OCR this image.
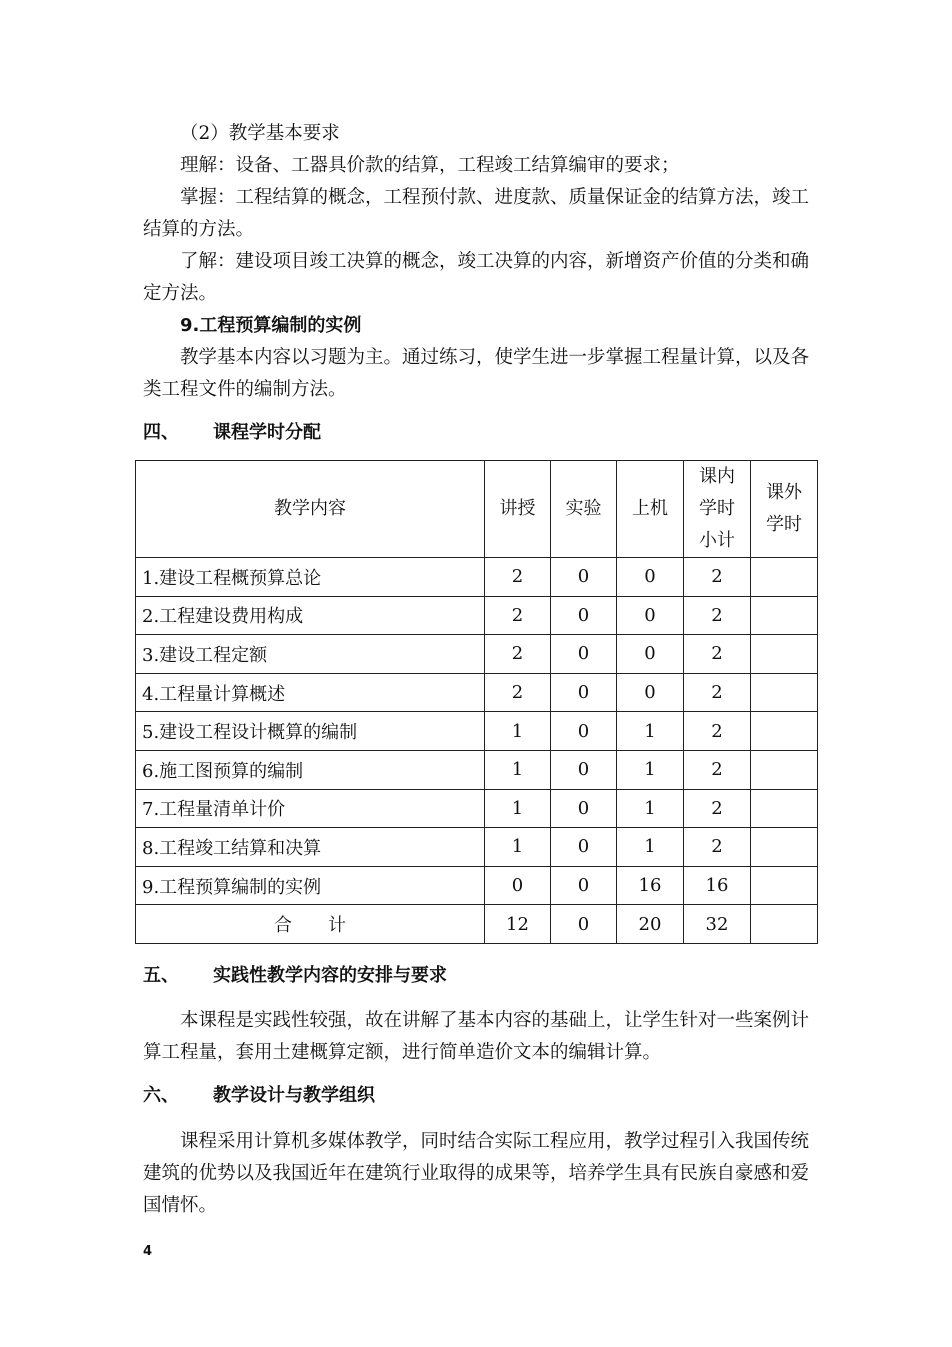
（2）教学基本要求
理解：设备、工器具价款的结算，工程竣工结算编审的要求；

掌握：工程结算的概念，工程预付款、进度款、质量保证金的结算方法，竣工结算的方法。

了解：建设项目竣工决算的概念，竣工决算的内容，新增资产价值的分类和确定方法。

9.工程预算编制的实例

教学基本内容以习题为主。通过练习，使学生进一步掌握工程量计算，以及各类工程文件的编制方法。

四、 课程学时分配
教学内容	讲授	实验	上机	课内学时小计	课外学时

1.建设工程概预算总论	2	0	0	2	
2.工程建设费用构成	2	0	0	2	
3.建设工程定额	2	0	0	2	
4.工程量计算概述	2	0	0	2	
5.建设工程设计概算的编制	1	0	1	2	
6.施工图预算的编制	1	0	1	2	
7.工程量清单计价	1	0	1	2	
8.工程竣工结算和决算	1	0	1	2	
9.工程预算编制的实例	0	0	16	16	
合　　计	12	0	20	32	
五、 实践性教学内容的安排与要求

本课程是实践性较强，故在讲解了基本内容的基础上，让学生针对一些案例计算工程量，套用土建概算定额，进行简单造价文本的编辑计算。

六、 教学设计与教学组织

课程采用计算机多媒体教学，同时结合实际工程应用，教学过程引入我国传统建筑的优势以及我国近年在建筑行业取得的成果等，培养学生具有民族自豪感和爱国情怀。

4
